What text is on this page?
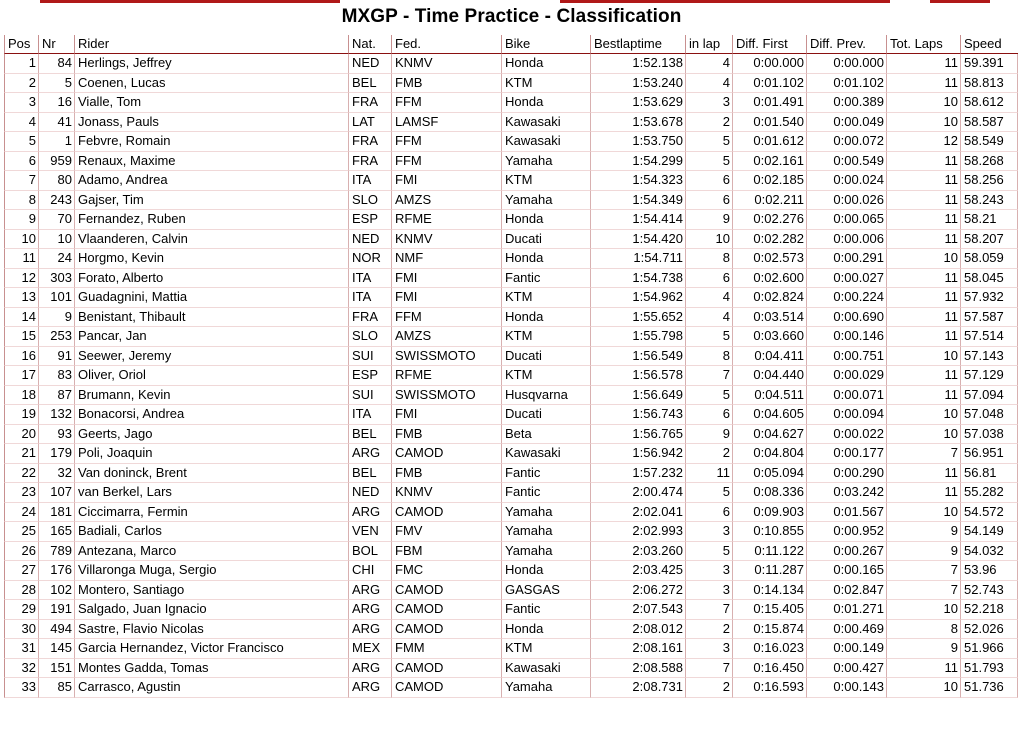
MXGP - Time Practice - Classification
Pos	Nr	Rider	Nat.	Fed.	Bike	Bestlaptime	in lap	Diff. First	Diff. Prev.	Tot. Laps	Speed
1	84	Herlings, Jeffrey	NED	KNMV	Honda	1:52.138	4	0:00.000	0:00.000	11	59.391
2	5	Coenen, Lucas	BEL	FMB	KTM	1:53.240	4	0:01.102	0:01.102	11	58.813
3	16	Vialle, Tom	FRA	FFM	Honda	1:53.629	3	0:01.491	0:00.389	10	58.612
4	41	Jonass, Pauls	LAT	LAMSF	Kawasaki	1:53.678	2	0:01.540	0:00.049	10	58.587
5	1	Febvre, Romain	FRA	FFM	Kawasaki	1:53.750	5	0:01.612	0:00.072	12	58.549
6	959	Renaux, Maxime	FRA	FFM	Yamaha	1:54.299	5	0:02.161	0:00.549	11	58.268
7	80	Adamo, Andrea	ITA	FMI	KTM	1:54.323	6	0:02.185	0:00.024	11	58.256
8	243	Gajser, Tim	SLO	AMZS	Yamaha	1:54.349	6	0:02.211	0:00.026	11	58.243
9	70	Fernandez, Ruben	ESP	RFME	Honda	1:54.414	9	0:02.276	0:00.065	11	58.21
10	10	Vlaanderen, Calvin	NED	KNMV	Ducati	1:54.420	10	0:02.282	0:00.006	11	58.207
11	24	Horgmo, Kevin	NOR	NMF	Honda	1:54.711	8	0:02.573	0:00.291	10	58.059
12	303	Forato, Alberto	ITA	FMI	Fantic	1:54.738	6	0:02.600	0:00.027	11	58.045
13	101	Guadagnini, Mattia	ITA	FMI	KTM	1:54.962	4	0:02.824	0:00.224	11	57.932
14	9	Benistant, Thibault	FRA	FFM	Honda	1:55.652	4	0:03.514	0:00.690	11	57.587
15	253	Pancar, Jan	SLO	AMZS	KTM	1:55.798	5	0:03.660	0:00.146	11	57.514
16	91	Seewer, Jeremy	SUI	SWISSMOTO	Ducati	1:56.549	8	0:04.411	0:00.751	10	57.143
17	83	Oliver, Oriol	ESP	RFME	KTM	1:56.578	7	0:04.440	0:00.029	11	57.129
18	87	Brumann, Kevin	SUI	SWISSMOTO	Husqvarna	1:56.649	5	0:04.511	0:00.071	11	57.094
19	132	Bonacorsi, Andrea	ITA	FMI	Ducati	1:56.743	6	0:04.605	0:00.094	10	57.048
20	93	Geerts, Jago	BEL	FMB	Beta	1:56.765	9	0:04.627	0:00.022	10	57.038
21	179	Poli, Joaquin	ARG	CAMOD	Kawasaki	1:56.942	2	0:04.804	0:00.177	7	56.951
22	32	Van doninck, Brent	BEL	FMB	Fantic	1:57.232	11	0:05.094	0:00.290	11	56.81
23	107	van Berkel, Lars	NED	KNMV	Fantic	2:00.474	5	0:08.336	0:03.242	11	55.282
24	181	Ciccimarra, Fermin	ARG	CAMOD	Yamaha	2:02.041	6	0:09.903	0:01.567	10	54.572
25	165	Badiali, Carlos	VEN	FMV	Yamaha	2:02.993	3	0:10.855	0:00.952	9	54.149
26	789	Antezana, Marco	BOL	FBM	Yamaha	2:03.260	5	0:11.122	0:00.267	9	54.032
27	176	Villaronga Muga, Sergio	CHI	FMC	Honda	2:03.425	3	0:11.287	0:00.165	7	53.96
28	102	Montero, Santiago	ARG	CAMOD	GASGAS	2:06.272	3	0:14.134	0:02.847	7	52.743
29	191	Salgado, Juan Ignacio	ARG	CAMOD	Fantic	2:07.543	7	0:15.405	0:01.271	10	52.218
30	494	Sastre, Flavio Nicolas	ARG	CAMOD	Honda	2:08.012	2	0:15.874	0:00.469	8	52.026
31	145	Garcia Hernandez, Victor Francisco	MEX	FMM	KTM	2:08.161	3	0:16.023	0:00.149	9	51.966
32	151	Montes Gadda, Tomas	ARG	CAMOD	Kawasaki	2:08.588	7	0:16.450	0:00.427	11	51.793
33	85	Carrasco, Agustin	ARG	CAMOD	Yamaha	2:08.731	2	0:16.593	0:00.143	10	51.736
